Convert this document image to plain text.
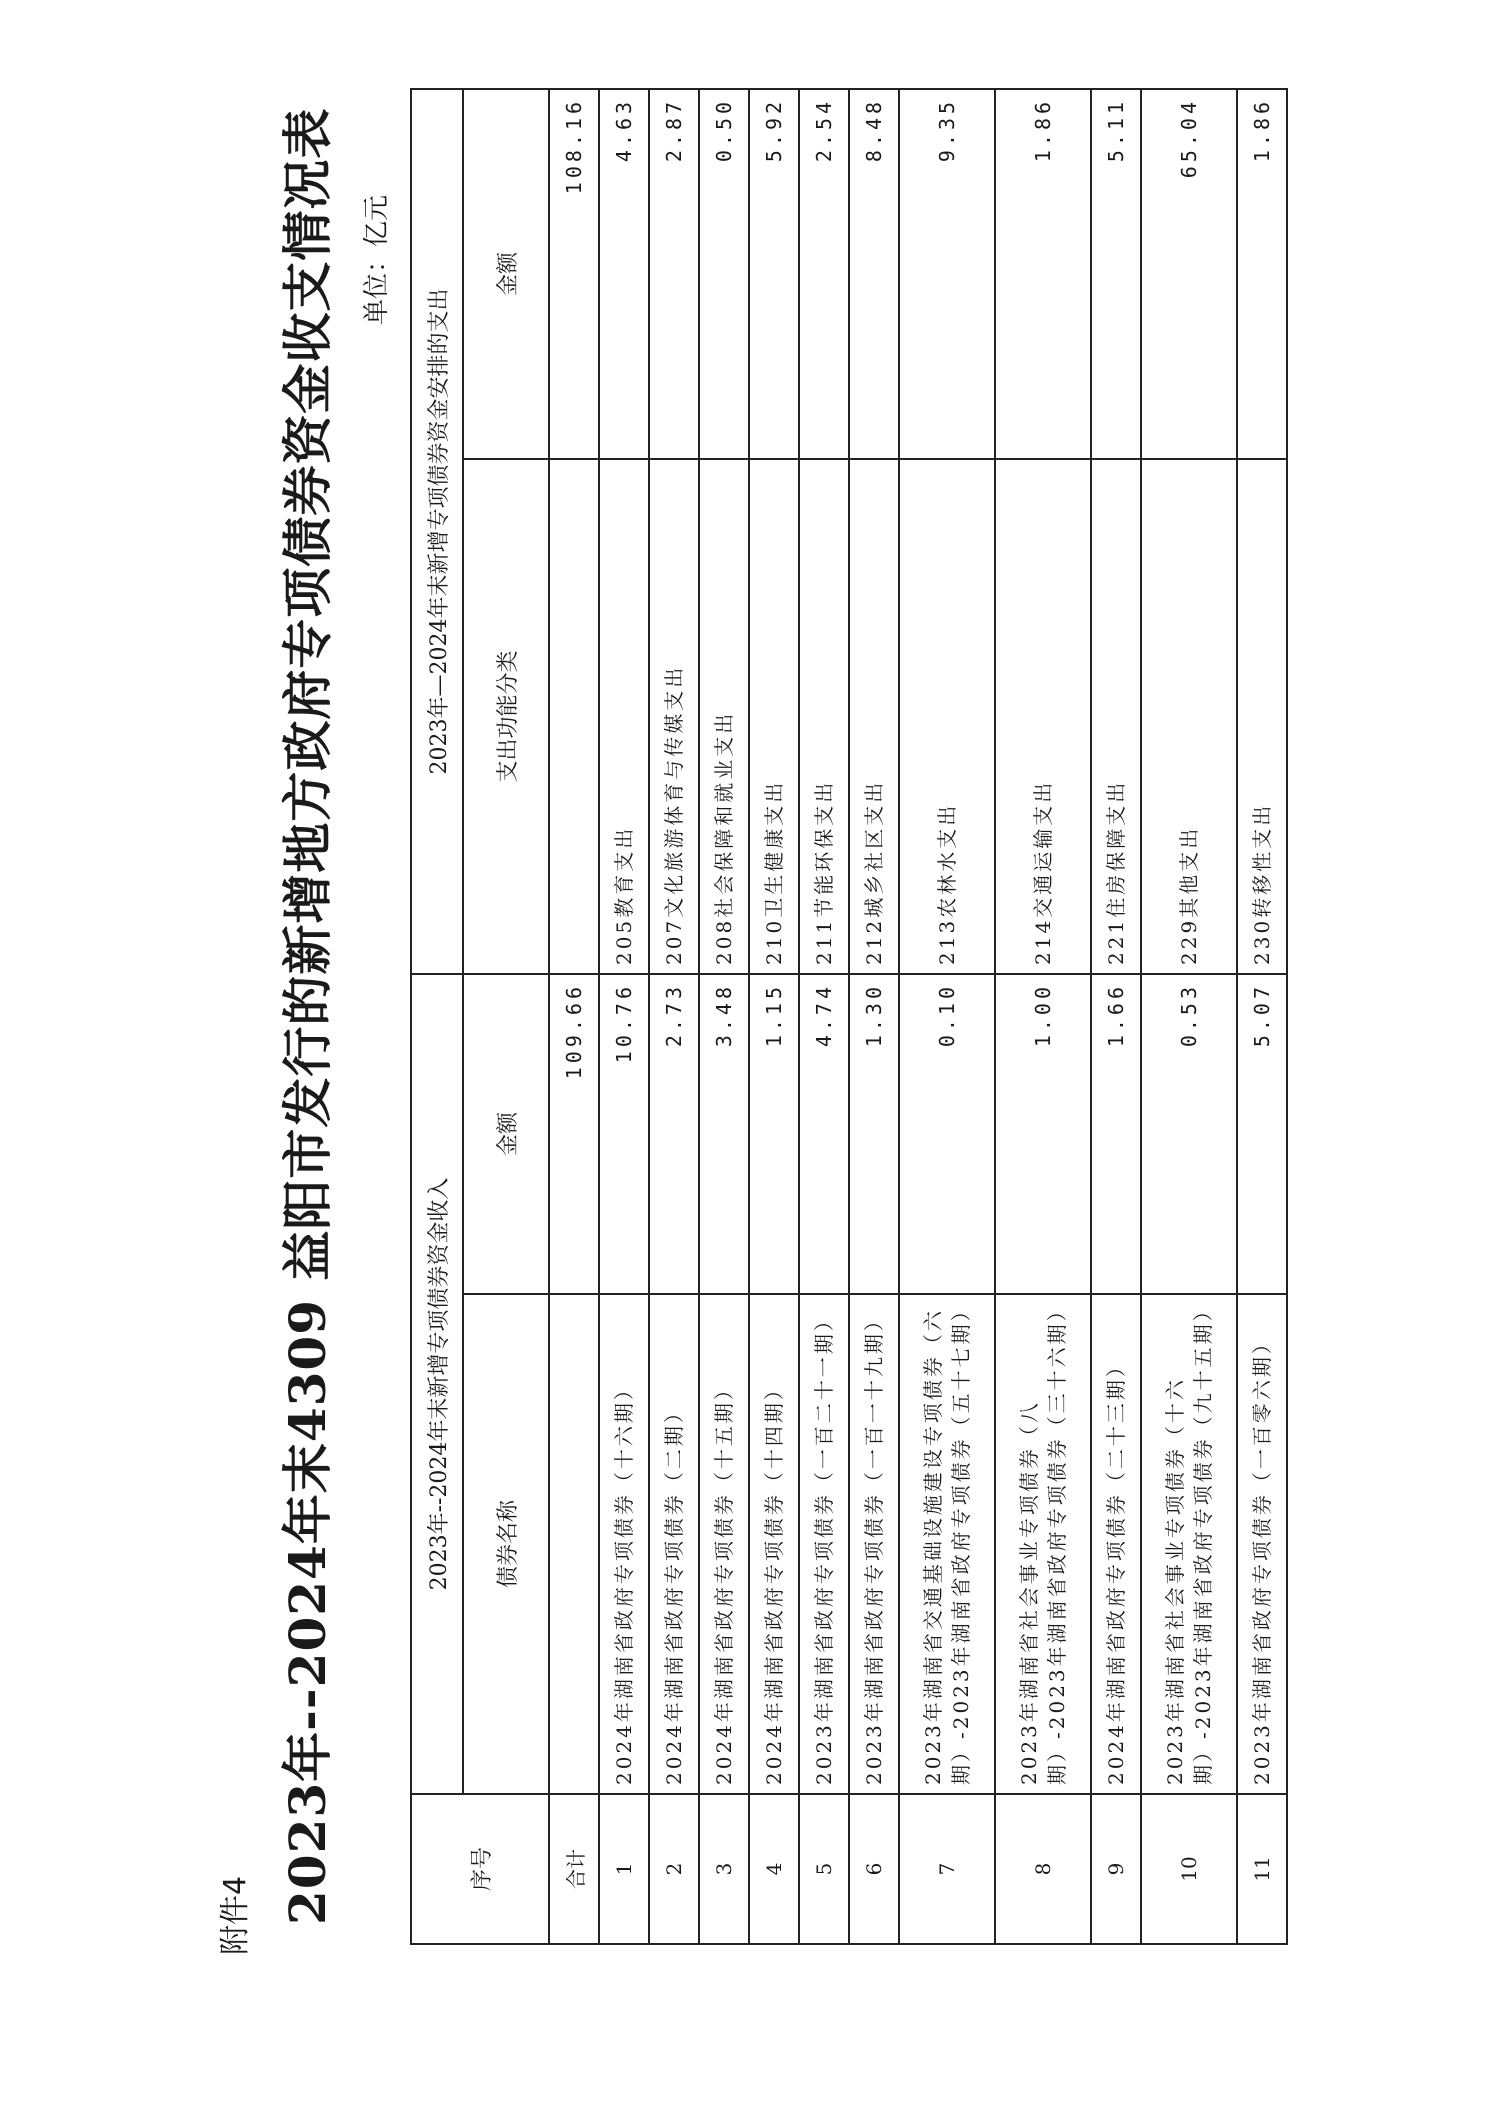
附件4 2023年--2024年末4309 益阳市发行的新增地方政府专项债券资金收支情况表 单位：亿元
序号	2023年--2024年末新增专项债券资金收入		2023年—2024年末新增专项债券资金安排的支出	
	债券名称	金额	支出功能分类	金额
合计		109.66		108.16
1	2024年湖南省政府专项债券（十六期）	10.76	205教育支出	4.63
2	2024年湖南省政府专项债券（二期）	2.73	207文化旅游体育与传媒支出	2.87
3	2024年湖南省政府专项债券（十五期）	3.48	208社会保障和就业支出	0.50
4	2024年湖南省政府专项债券（十四期）	1.15	210卫生健康支出	5.92
5	2023年湖南省政府专项债券（一百二十一期）	4.74	211节能环保支出	2.54
6	2023年湖南省政府专项债券（一百一十九期）	1.30	212城乡社区支出	8.48
7	2023年湖南省交通基础设施建设专项债券（六期）-2023年湖南省政府专项债券（五十七期）	0.10	213农林水支出	9.35
8	2023年湖南省社会事业专项债券（八期）-2023年湖南省政府专项债券（三十六期）	1.00	214交通运输支出	1.86
9	2024年湖南省政府专项债券（二十三期）	1.66	221住房保障支出	5.11
10	2023年湖南省社会事业专项债券（十六期）-2023年湖南省政府专项债券（九十五期）	0.53	229其他支出	65.04
11	2023年湖南省政府专项债券（一百零六期）	5.07	230转移性支出	1.86
